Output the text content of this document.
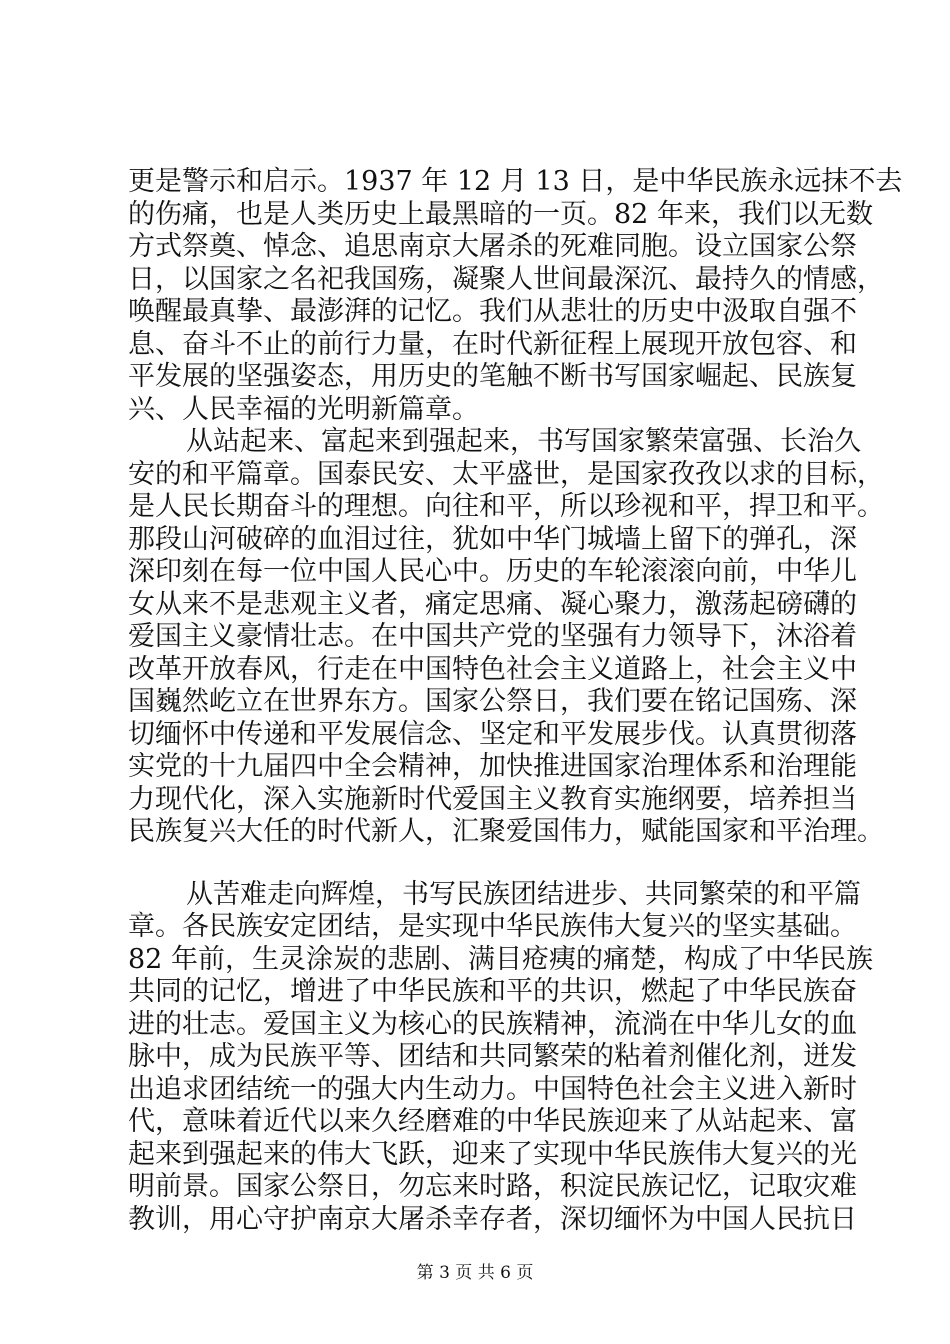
更是警示和启示。1937 年 12 月 13 日，是中华民族永远抹不去
的伤痛，也是人类历史上最黑暗的一页。82 年来，我们以无数
方式祭奠、悼念、追思南京大屠杀的死难同胞。设立国家公祭
日，以国家之名祀我国殇，凝聚人世间最深沉、最持久的情感，
唤醒最真挚、最澎湃的记忆。我们从悲壮的历史中汲取自强不
息、奋斗不止的前行力量，在时代新征程上展现开放包容、和
平发展的坚强姿态，用历史的笔触不断书写国家崛起、民族复
兴、人民幸福的光明新篇章。
从站起来、富起来到强起来，书写国家繁荣富强、长治久
安的和平篇章。国泰民安、太平盛世，是国家孜孜以求的目标，
是人民长期奋斗的理想。向往和平，所以珍视和平，捍卫和平。
那段山河破碎的血泪过往，犹如中华门城墙上留下的弹孔，深
深印刻在每一位中国人民心中。历史的车轮滚滚向前，中华儿
女从来不是悲观主义者，痛定思痛、凝心聚力，激荡起磅礴的
爱国主义豪情壮志。在中国共产党的坚强有力领导下，沐浴着
改革开放春风，行走在中国特色社会主义道路上，社会主义中
国巍然屹立在世界东方。国家公祭日，我们要在铭记国殇、深
切缅怀中传递和平发展信念、坚定和平发展步伐。认真贯彻落
实党的十九届四中全会精神，加快推进国家治理体系和治理能
力现代化，深入实施新时代爱国主义教育实施纲要，培养担当
民族复兴大任的时代新人，汇聚爱国伟力，赋能国家和平治理。
从苦难走向辉煌，书写民族团结进步、共同繁荣的和平篇
章。各民族安定团结，是实现中华民族伟大复兴的坚实基础。
82 年前，生灵涂炭的悲剧、满目疮痍的痛楚，构成了中华民族
共同的记忆，增进了中华民族和平的共识，燃起了中华民族奋
进的壮志。爱国主义为核心的民族精神，流淌在中华儿女的血
脉中，成为民族平等、团结和共同繁荣的粘着剂催化剂，迸发
出追求团结统一的强大内生动力。中国特色社会主义进入新时
代，意味着近代以来久经磨难的中华民族迎来了从站起来、富
起来到强起来的伟大飞跃，迎来了实现中华民族伟大复兴的光
明前景。国家公祭日，勿忘来时路，积淀民族记忆，记取灾难
教训，用心守护南京大屠杀幸存者，深切缅怀为中国人民抗日
第 3 页 共 6 页
